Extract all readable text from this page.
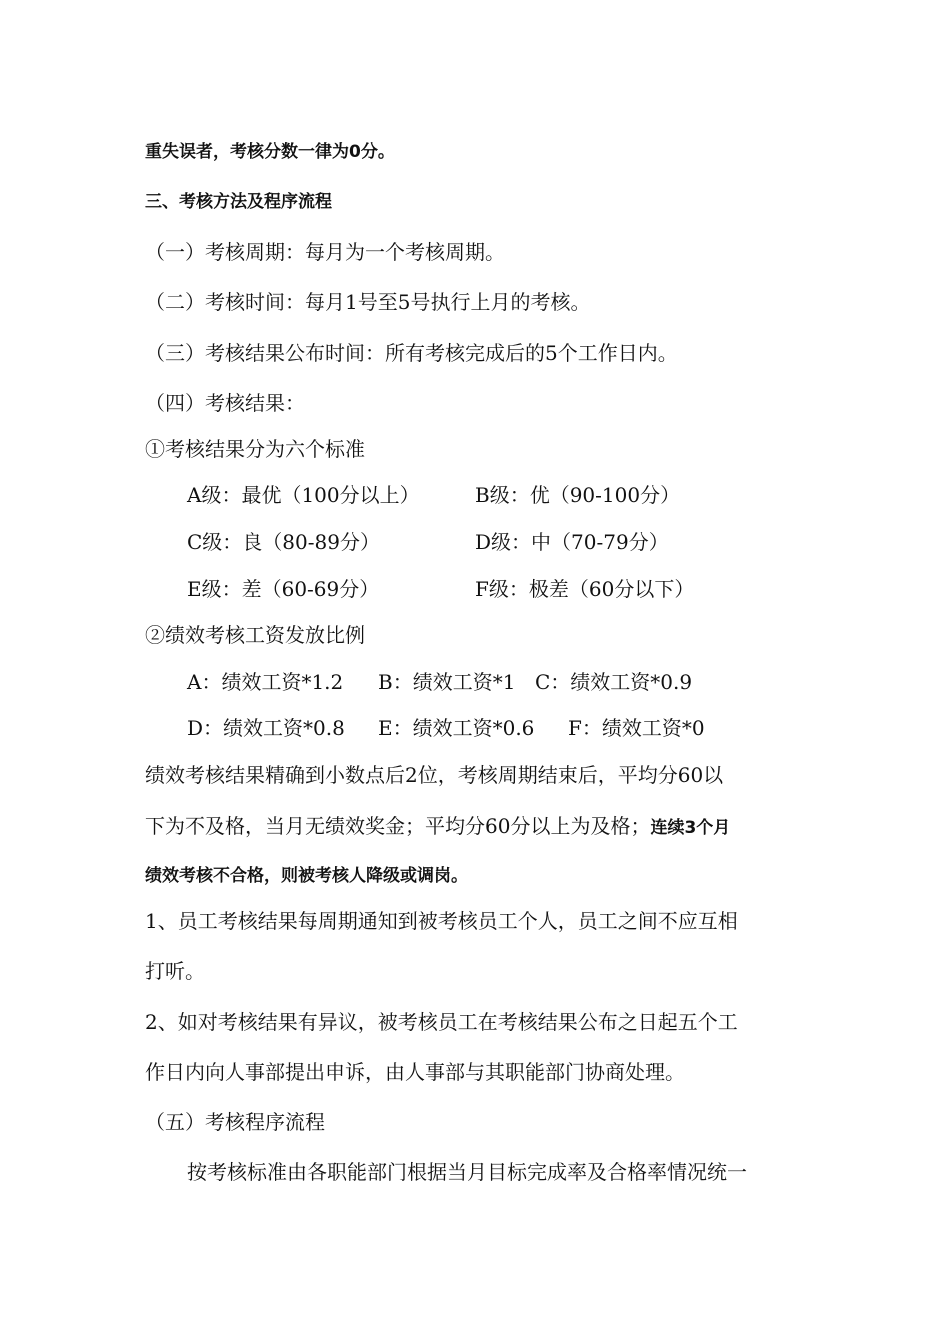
重失误者，考核分数一律为0分。
三、考核方法及程序流程
（一）考核周期：每月为一个考核周期。
（二）考核时间：每月1号至5号执行上月的考核。
（三）考核结果公布时间：所有考核完成后的5个工作日内。
（四）考核结果：
①考核结果分为六个标准
A级：最优（100分以上）	B级：优（90-100分）
C级：良（80-89分）	D级：中（70-79分）
E级：差（60-69分）	F级：极差（60分以下）
②绩效考核工资发放比例
A：绩效工资*1.2 B：绩效工资*1 C：绩效工资*0.9
D：绩效工资*0.8 E：绩效工资*0.6 F：绩效工资*0
绩效考核结果精确到小数点后2位，考核周期结束后，平均分60以
下为不及格，当月无绩效奖金；平均分60分以上为及格；连续3个月
绩效考核不合格，则被考核人降级或调岗。
1、员工考核结果每周期通知到被考核员工个人，员工之间不应互相
打听。
2、如对考核结果有异议，被考核员工在考核结果公布之日起五个工
作日内向人事部提出申诉，由人事部与其职能部门协商处理。
（五）考核程序流程
按考核标准由各职能部门根据当月目标完成率及合格率情况统一
